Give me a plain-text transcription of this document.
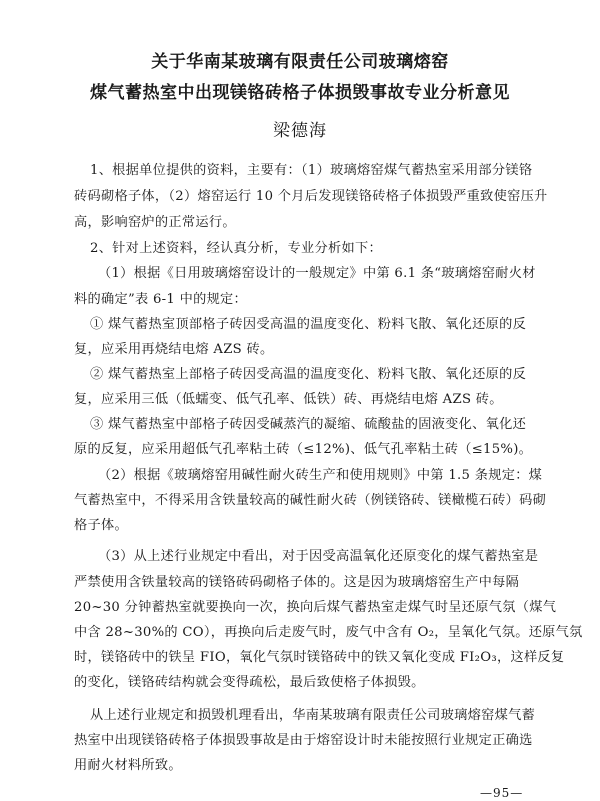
关于华南某玻璃有限责任公司玻璃熔窑
煤气蓄热室中出现镁铬砖格子体损毁事故专业分析意见
梁德海
1、根据单位提供的资料，主要有：（1）玻璃熔窑煤气蓄热室采用部分镁铬
砖码砌格子体，（2）熔窑运行 10 个月后发现镁铬砖格子体损毁严重致使窑压升
高，影响窑炉的正常运行。
2、针对上述资料，经认真分析，专业分析如下：
（1）根据《日用玻璃熔窑设计的一般规定》中第 6.1 条“玻璃熔窑耐火材
料的确定”表 6-1 中的规定：
① 煤气蓄热室顶部格子砖因受高温的温度变化、粉料飞散、氧化还原的反
复，应采用再烧结电熔 AZS 砖。
② 煤气蓄热室上部格子砖因受高温的温度变化、粉料飞散、氧化还原的反
复，应采用三低（低蠕变、低气孔率、低铁）砖、再烧结电熔 AZS 砖。
③ 煤气蓄热室中部格子砖因受碱蒸汽的凝缩、硫酸盐的固液变化、氧化还
原的反复，应采用超低气孔率粘土砖（≤12%)、低气孔率粘土砖（≤15%)。
（2）根据《玻璃熔窑用碱性耐火砖生产和使用规则》中第 1.5 条规定：煤
气蓄热室中，不得采用含铁量较高的碱性耐火砖（例镁铬砖、镁橄榄石砖）码砌
格子体。
（3）从上述行业规定中看出，对于因受高温氧化还原变化的煤气蓄热室是
严禁使用含铁量较高的镁铬砖码砌格子体的。这是因为玻璃熔窑生产中每隔
20~30 分钟蓄热室就要换向一次，换向后煤气蓄热室走煤气时呈还原气氛（煤气
中含 28~30%的 CO），再换向后走废气时，废气中含有 O₂，呈氧化气氛。还原气氛
时，镁铬砖中的铁呈 FIO，氧化气氛时镁铬砖中的铁又氧化变成 FI₂O₃，这样反复
的变化，镁铬砖结构就会变得疏松，最后致使格子体损毁。
从上述行业规定和损毁机理看出，华南某玻璃有限责任公司玻璃熔窑煤气蓄
热室中出现镁铬砖格子体损毁事故是由于熔窑设计时未能按照行业规定正确选
用耐火材料所致。
—95—
